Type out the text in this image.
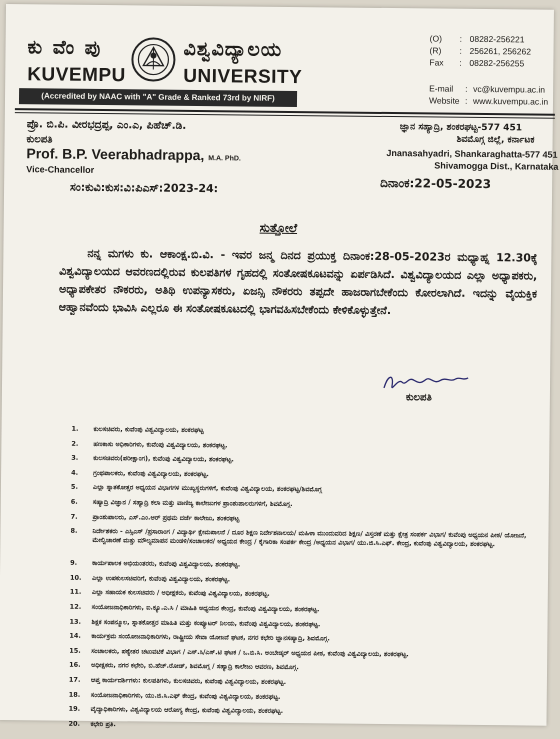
ಕು ವೆಂ ಪು	ವಿಶ್ವವಿದ್ಯಾಲಯ
KUVEMPU	UNIVERSITY
(Accredited by NAAC with "A" Grade & Ranked 73rd by NIRF)
(O)	: 08282-256221
(R)	: 256261, 256262
Fax	: 08282-256255
E-mail	: vc@kuvempu.ac.in
Website : www.kuvempu.ac.in
ಪ್ರೊ. ಬಿ.ಪಿ. ವೀರಭದ್ರಪ್ಪ, ಎಂ.ಎ, ಪಿಹೆಚ್.ಡಿ.
ಕುಲಪತಿ
Prof. B.P. Veerabhadrappa, M.A. PhD.
Vice-Chancellor
ಜ್ಞಾನ ಸಹ್ಯಾದ್ರಿ, ಶಂಕರಘಟ್ಟ-577 451
ಶಿವಮೊಗ್ಗ ಜಿಲ್ಲೆ, ಕರ್ನಾಟಕ
Jnanasahyadri, Shankaraghatta-577 451
Shivamogga Dist., Karnataka
ಸಂ:ಕುವಿ:ಕುಸ:ವಿ:ಪಿಎಸ್:2023-24:	ದಿನಾಂಕ:22-05-2023
ಸುತ್ತೋಲೆ
ನನ್ನ ಮಗಳು ಕು. ಆಕಾಂಕ್ಷ.ಬಿ.ವಿ. - ಇವರ ಜನ್ಮ ದಿನದ ಪ್ರಯುಕ್ತ ದಿನಾಂಕ:28-05-2023ರ ಮಧ್ಯಾಹ್ನ 12.30ಕ್ಕೆ ವಿಶ್ವವಿದ್ಯಾಲಯದ ಆವರಣದಲ್ಲಿರುವ ಕುಲಪತಿಗಳ ಗೃಹದಲ್ಲಿ ಸಂತೋಷಕೂಟವನ್ನು ಏರ್ಪಡಿಸಿದೆ. ವಿಶ್ವವಿದ್ಯಾಲಯದ ಎಲ್ಲಾ ಅಧ್ಯಾಪಕರು, ಅಧ್ಯಾಪಕೇತರ ನೌಕರರು, ಅತಿಥಿ ಉಪನ್ಯಾಸಕರು, ಏಜನ್ಸಿ ನೌಕರರು ತಪ್ಪದೇ ಹಾಜರಾಗಬೇಕೆಂದು ಕೋರಲಾಗಿದೆ. ಇದನ್ನು ವೈಯಕ್ತಿಕ ಆಹ್ವಾನವೆಂದು ಭಾವಿಸಿ ಎಲ್ಲರೂ ಈ ಸಂತೋಷಕೂಟದಲ್ಲಿ ಭಾಗವಹಿಸಬೇಕೆಂದು ಕೇಳಿಕೊಳ್ಳುತ್ತೇನೆ.
ಕುಲಪತಿ
1.	ಕುಲಸಚಿವರು, ಕುವೆಂಪು ವಿಶ್ವವಿದ್ಯಾಲಯ, ಶಂಕರಘಟ್ಟ
2.	ಹಣಕಾಸು ಅಧಿಕಾರಿಗಳು, ಕುವೆಂಪು ವಿಶ್ವವಿದ್ಯಾಲಯ, ಶಂಕರಘಟ್ಟ.
3.	ಕುಲಸಚಿವರು(ಪರೀಕ್ಷಾಂಗ), ಕುವೆಂಪು ವಿಶ್ವವಿದ್ಯಾಲಯ, ಶಂಕರಘಟ್ಟ.
4.	ಗ್ರಂಥಪಾಲಕರು, ಕುವೆಂಪು ವಿಶ್ವವಿದ್ಯಾಲಯ, ಶಂಕರಘಟ್ಟ.
5.	ಎಲ್ಲಾ ಸ್ನಾತಕೋತ್ತರ ಅಧ್ಯಯನ ವಿಭಾಗಗಳ ಮುಖ್ಯಸ್ಥರುಗಳಿಗೆ, ಕುವೆಂಪು ವಿಶ್ವವಿದ್ಯಾಲಯ, ಶಂಕರಘಟ್ಟ/ಶಿವಮೊಗ್ಗ
6.	ಸಹ್ಯಾದ್ರಿ ವಿಜ್ಞಾನ / ಸಹ್ಯಾದ್ರಿ ಕಲಾ ಮತ್ತು ವಾಣಿಜ್ಯ ಕಾಲೇಜುಗಳ ಪ್ರಾಂಶುಪಾಲರುಗಳಿಗೆ, ಶಿವಮೊಗ್ಗ.
7.	ಪ್ರಾಂಶುಪಾಲರು, ಎಸ್.ಎಂ.ಆರ್ ಪ್ರಥಮ ದರ್ಜೆ ಕಾಲೇಜು, ಶಂಕರಘಟ್ಟ
8.	ನಿರ್ದೇಶಕರು - ಎಸ್ಸಿಎಸ್ /ಪ್ರಸಾರಾಂಗ / ವಿದ್ಯಾರ್ಥಿ ಕ್ಷೇಮಪಾಲನೆ / ದೂರ ಶಿಕ್ಷಣ ನಿರ್ದೇಶನಾಲಯ/ ಮಹಿಳಾ ಮುಂದುವರಿದ ಶಿಕ್ಷಣ/ ವಿಸ್ತರಣೆ ಮತ್ತು ಕ್ಷೇತ್ರ ಸಂಪರ್ಕ ವಿಭಾಗ/ ಕುವೆಂಪು ಅಧ್ಯಯನ ಪೀಠ/ ಯೋಜನೆ, ಮೇಲ್ವಿಚಾರಣೆ ಮತ್ತು ಮೌಲ್ಯಮಾಪನ ಮಂಡಳಿ/ಸಂಚಾಲಕರ/ ಅಧ್ಯಯನ ಕೇಂದ್ರ / ಕೈಗಾರಿಕಾ ಸಂಪರ್ಕ ಕೇಂದ್ರ /ಅಧ್ಯಯನ ವಿಭಾಗ/ ಯು.ಜಿ.ಸಿ.ಎಫ್. ಕೇಂದ್ರ, ಕುವೆಂಪು ವಿಶ್ವವಿದ್ಯಾಲಯ, ಶಂಕರಘಟ್ಟ.
9.	ಕಾರ್ಯಪಾಲಕ ಅಭಿಯಂತರರು, ಕುವೆಂಪು ವಿಶ್ವವಿದ್ಯಾಲಯ, ಶಂಕರಘಟ್ಟ.
10.	ಎಲ್ಲಾ ಉಪಕುಲಸಚಿವರಿಗೆ, ಕುವೆಂಪು ವಿಶ್ವವಿದ್ಯಾಲಯ, ಶಂಕರಘಟ್ಟ.
11.	ಎಲ್ಲಾ ಸಹಾಯಕ ಕುಲಸಚಿವರು / ಅಧೀಕ್ಷಕರು, ಕುವೆಂಪು ವಿಶ್ವವಿದ್ಯಾಲಯ, ಶಂಕರಘಟ್ಟ.
12.	ಸಂಯೋಜನಾಧಿಕಾರಿಗಳು, ಐ.ಕ್ಯೂ.ಎ.ಸಿ / ಮಾಹಿತಿ ಅಧ್ಯಯನ ಕೇಂದ್ರ, ಕುವೆಂಪು ವಿಶ್ವವಿದ್ಯಾಲಯ, ಶಂಕರಘಟ್ಟ.
13.	ಶಿಕ್ಷಕ ಸಂಪನ್ಮೂಲ, ಸ್ನಾತಕೋತ್ತರ ಮಾಹಿತಿ ಮತ್ತು ಕಂಪ್ಯೂಟರ್ ನಿಲಯ, ಕುವೆಂಪು ವಿಶ್ವವಿದ್ಯಾಲಯ, ಶಂಕರಘಟ್ಟ.
14.	ಕಾರ್ಯಕ್ರಮ ಸಂಯೋಜನಾಧಿಕಾರಿಗಳು, ರಾಷ್ಟ್ರೀಯ ಸೇವಾ ಯೋಜನೆ ಘಟಕ, ನಗರ ಕಛೇರಿ ಜ್ಞಾನಸಹ್ಯಾದ್ರಿ, ಶಿವಮೊಗ್ಗ.
15.	ಸಂಚಾಲಕರು, ಪಠ್ಯೇತರ ಚಟುವಟಿಕೆ ವಿಭಾಗ / ಎಸ್.ಸಿ/ಎಸ್.ಟಿ ಘಟಕ / ಒ.ಬಿ.ಸಿ. ಅಂಬೇಡ್ಕರ್ ಅಧ್ಯಯನ ಪೀಠ, ಕುವೆಂಪು ವಿಶ್ವವಿದ್ಯಾಲಯ, ಶಂಕರಘಟ್ಟ.
16.	ಅಧೀಕ್ಷಕರು, ನಗರ ಕಛೇರಿ, ಬಿ.ಹೆಚ್.ರೋಡ್, ಶಿವಮೊಗ್ಗ / ಸಹ್ಯಾದ್ರಿ ಕಾಲೇಜು ಆವರಣ, ಶಿವಮೊಗ್ಗ.
17.	ಆಪ್ತ ಕಾರ್ಯದರ್ಶಿಗಳು: ಕುಲಪತಿಗಳು, ಕುಲಸಚಿವರು, ಕುವೆಂಪು ವಿಶ್ವವಿದ್ಯಾಲಯ, ಶಂಕರಘಟ್ಟ.
18.	ಸಂಯೋಜನಾಧಿಕಾರಿಗಳು, ಯು.ಜಿ.ಸಿ.ಎಫ್ ಕೇಂದ್ರ, ಕುವೆಂಪು ವಿಶ್ವವಿದ್ಯಾಲಯ, ಶಂಕರಘಟ್ಟ.
19.	ವೈದ್ಯಾಧಿಕಾರಿಗಳು, ವಿಶ್ವವಿದ್ಯಾಲಯ ಆರೋಗ್ಯ ಕೇಂದ್ರ, ಕುವೆಂಪು ವಿಶ್ವವಿದ್ಯಾಲಯ, ಶಂಕರಘಟ್ಟ.
20.	ಕಛೇರಿ ಪ್ರತಿ.
